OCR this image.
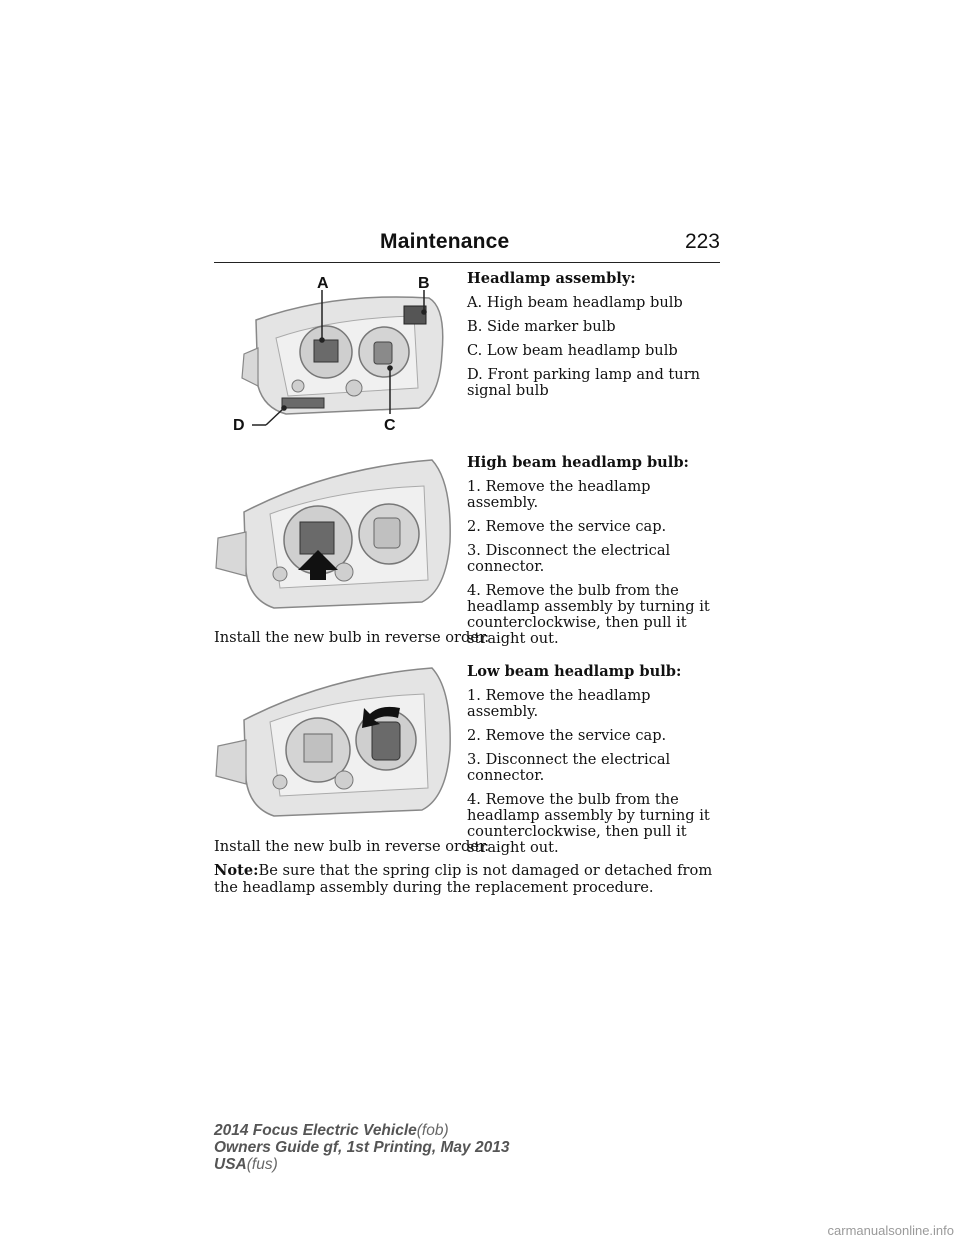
Maintenance	223
A	B
C
D

Headlamp assembly:

A. High beam headlamp bulb

B. Side marker bulb

C. Low beam headlamp bulb

D. Front parking lamp and turn signal bulb

High beam headlamp bulb:

1. Remove the headlamp assembly.

2. Remove the service cap.

3. Disconnect the electrical connector.

4. Remove the bulb from the headlamp assembly by turning it counterclockwise, then pull it straight out.

Install the new bulb in reverse order.

Low beam headlamp bulb:

1. Remove the headlamp assembly.

2. Remove the service cap.

3. Disconnect the electrical connector.

4. Remove the bulb from the headlamp assembly by turning it counterclockwise, then pull it straight out.

Install the new bulb in reverse order.

Note:Be sure that the spring clip is not damaged or detached from the headlamp assembly during the replacement procedure.

2014 Focus Electric Vehicle(fob)
Owners Guide gf, 1st Printing, May 2013
USA(fus)
carmanualsonline.info
